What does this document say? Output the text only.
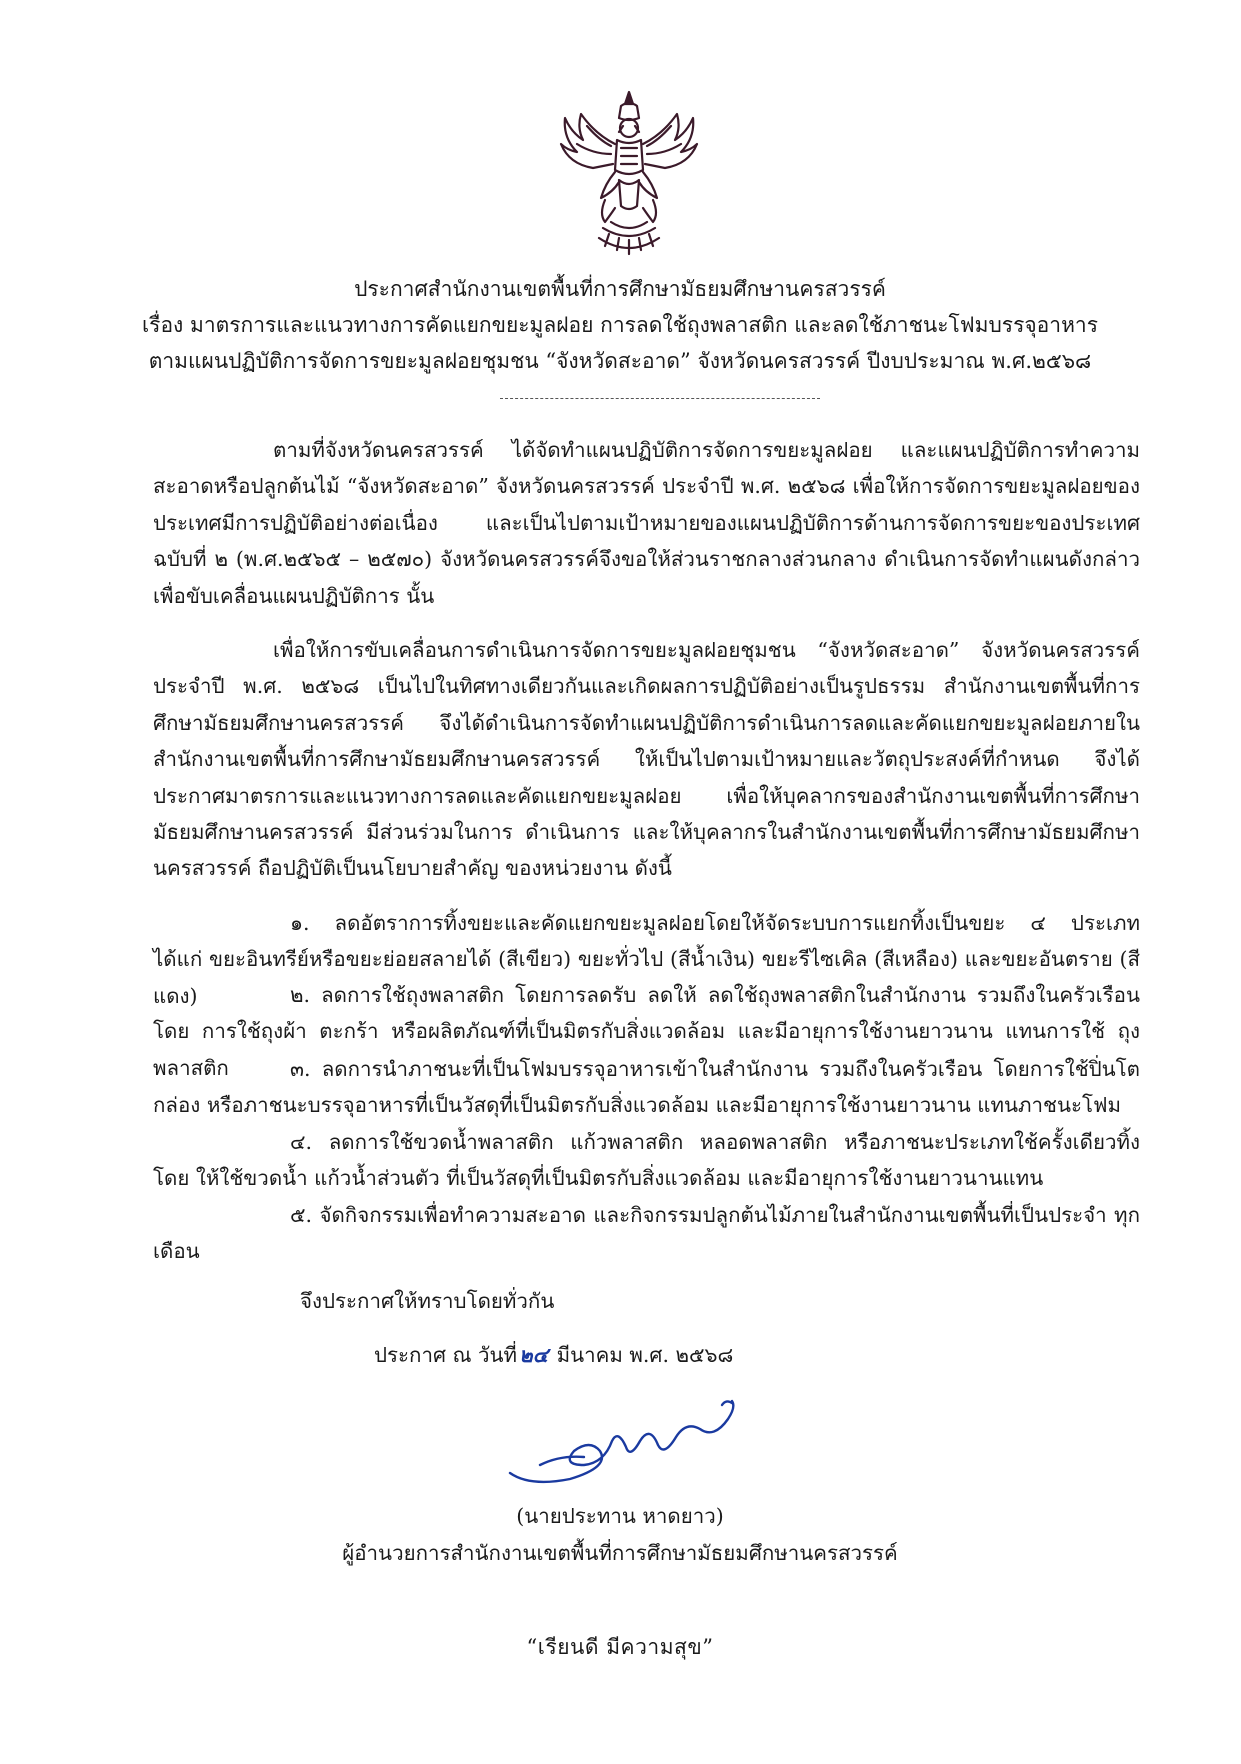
ประกาศสำนักงานเขตพื้นที่การศึกษามัธยมศึกษานครสวรรค์
เรื่อง มาตรการและแนวทางการคัดแยกขยะมูลฝอย การลดใช้ถุงพลาสติก และลดใช้ภาชนะโฟมบรรจุอาหาร
ตามแผนปฏิบัติการจัดการขยะมูลฝอยชุมชน “จังหวัดสะอาด” จังหวัดนครสวรรค์ ปีงบประมาณ พ.ศ.๒๕๖๘
ตามที่จังหวัดนครสวรรค์ ได้จัดทำแผนปฏิบัติการจัดการขยะมูลฝอย และแผนปฏิบัติการทำความสะอาดหรือปลูกต้นไม้ “จังหวัดสะอาด” จังหวัดนครสวรรค์ ประจำปี พ.ศ. ๒๕๖๘ เพื่อให้การจัดการขยะมูลฝอยของประเทศมีการปฏิบัติอย่างต่อเนื่อง และเป็นไปตามเป้าหมายของแผนปฏิบัติการด้านการจัดการขยะของประเทศ ฉบับที่ ๒ (พ.ศ.๒๕๖๕ – ๒๕๗๐) จังหวัดนครสวรรค์จึงขอให้ส่วนราชกลางส่วนกลาง ดำเนินการจัดทำแผนดังกล่าว เพื่อขับเคลื่อนแผนปฏิบัติการ นั้น
เพื่อให้การขับเคลื่อนการดำเนินการจัดการขยะมูลฝอยชุมชน “จังหวัดสะอาด” จังหวัดนครสวรรค์ ประจำปี พ.ศ. ๒๕๖๘ เป็นไปในทิศทางเดียวกันและเกิดผลการปฏิบัติอย่างเป็นรูปธรรม สำนักงานเขตพื้นที่การศึกษามัธยมศึกษานครสวรรค์ จึงได้ดำเนินการจัดทำแผนปฏิบัติการดำเนินการลดและคัดแยกขยะมูลฝอยภายในสำนักงานเขตพื้นที่การศึกษามัธยมศึกษานครสวรรค์ ให้เป็นไปตามเป้าหมายและวัตถุประสงค์ที่กำหนด จึงได้ประกาศมาตรการและแนวทางการลดและคัดแยกขยะมูลฝอย เพื่อให้บุคลากรของสำนักงานเขตพื้นที่การศึกษามัธยมศึกษานครสวรรค์ มีส่วนร่วมในการ ดำเนินการ และให้บุคลากรในสำนักงานเขตพื้นที่การศึกษามัธยมศึกษานครสวรรค์ ถือปฏิบัติเป็นนโยบายสำคัญ ของหน่วยงาน ดังนี้
๑. ลดอัตราการทิ้งขยะและคัดแยกขยะมูลฝอยโดยให้จัดระบบการแยกทิ้งเป็นขยะ ๔ ประเภท ได้แก่ ขยะอินทรีย์หรือขยะย่อยสลายได้ (สีเขียว) ขยะทั่วไป (สีน้ำเงิน) ขยะรีไซเคิล (สีเหลือง) และขยะอันตราย (สีแดง)	๒. ลดการใช้ถุงพลาสติก โดยการลดรับ ลดให้ ลดใช้ถุงพลาสติกในสำนักงาน รวมถึงในครัวเรือน โดย การใช้ถุงผ้า ตะกร้า หรือผลิตภัณฑ์ที่เป็นมิตรกับสิ่งแวดล้อม และมีอายุการใช้งานยาวนาน แทนการใช้ ถุงพลาสติก	๓. ลดการนำภาชนะที่เป็นโฟมบรรจุอาหารเข้าในสำนักงาน รวมถึงในครัวเรือน โดยการใช้ปิ่นโต กล่อง หรือภาชนะบรรจุอาหารที่เป็นวัสดุที่เป็นมิตรกับสิ่งแวดล้อม และมีอายุการใช้งานยาวนาน แทนภาชนะโฟม
๔. ลดการใช้ขวดน้ำพลาสติก แก้วพลาสติก หลอดพลาสติก หรือภาชนะประเภทใช้ครั้งเดียวทิ้ง โดย ให้ใช้ขวดน้ำ แก้วน้ำส่วนตัว ที่เป็นวัสดุที่เป็นมิตรกับสิ่งแวดล้อม และมีอายุการใช้งานยาวนานแทน
๕. จัดกิจกรรมเพื่อทำความสะอาด และกิจกรรมปลูกต้นไม้ภายในสำนักงานเขตพื้นที่เป็นประจำ ทุกเดือน
จึงประกาศให้ทราบโดยทั่วกัน
ประกาศ ณ วันที่๒๔ มีนาคม พ.ศ. ๒๕๖๘
(นายประทาน หาดยาว)
ผู้อำนวยการสำนักงานเขตพื้นที่การศึกษามัธยมศึกษานครสวรรค์
“เรียนดี มีความสุข”
